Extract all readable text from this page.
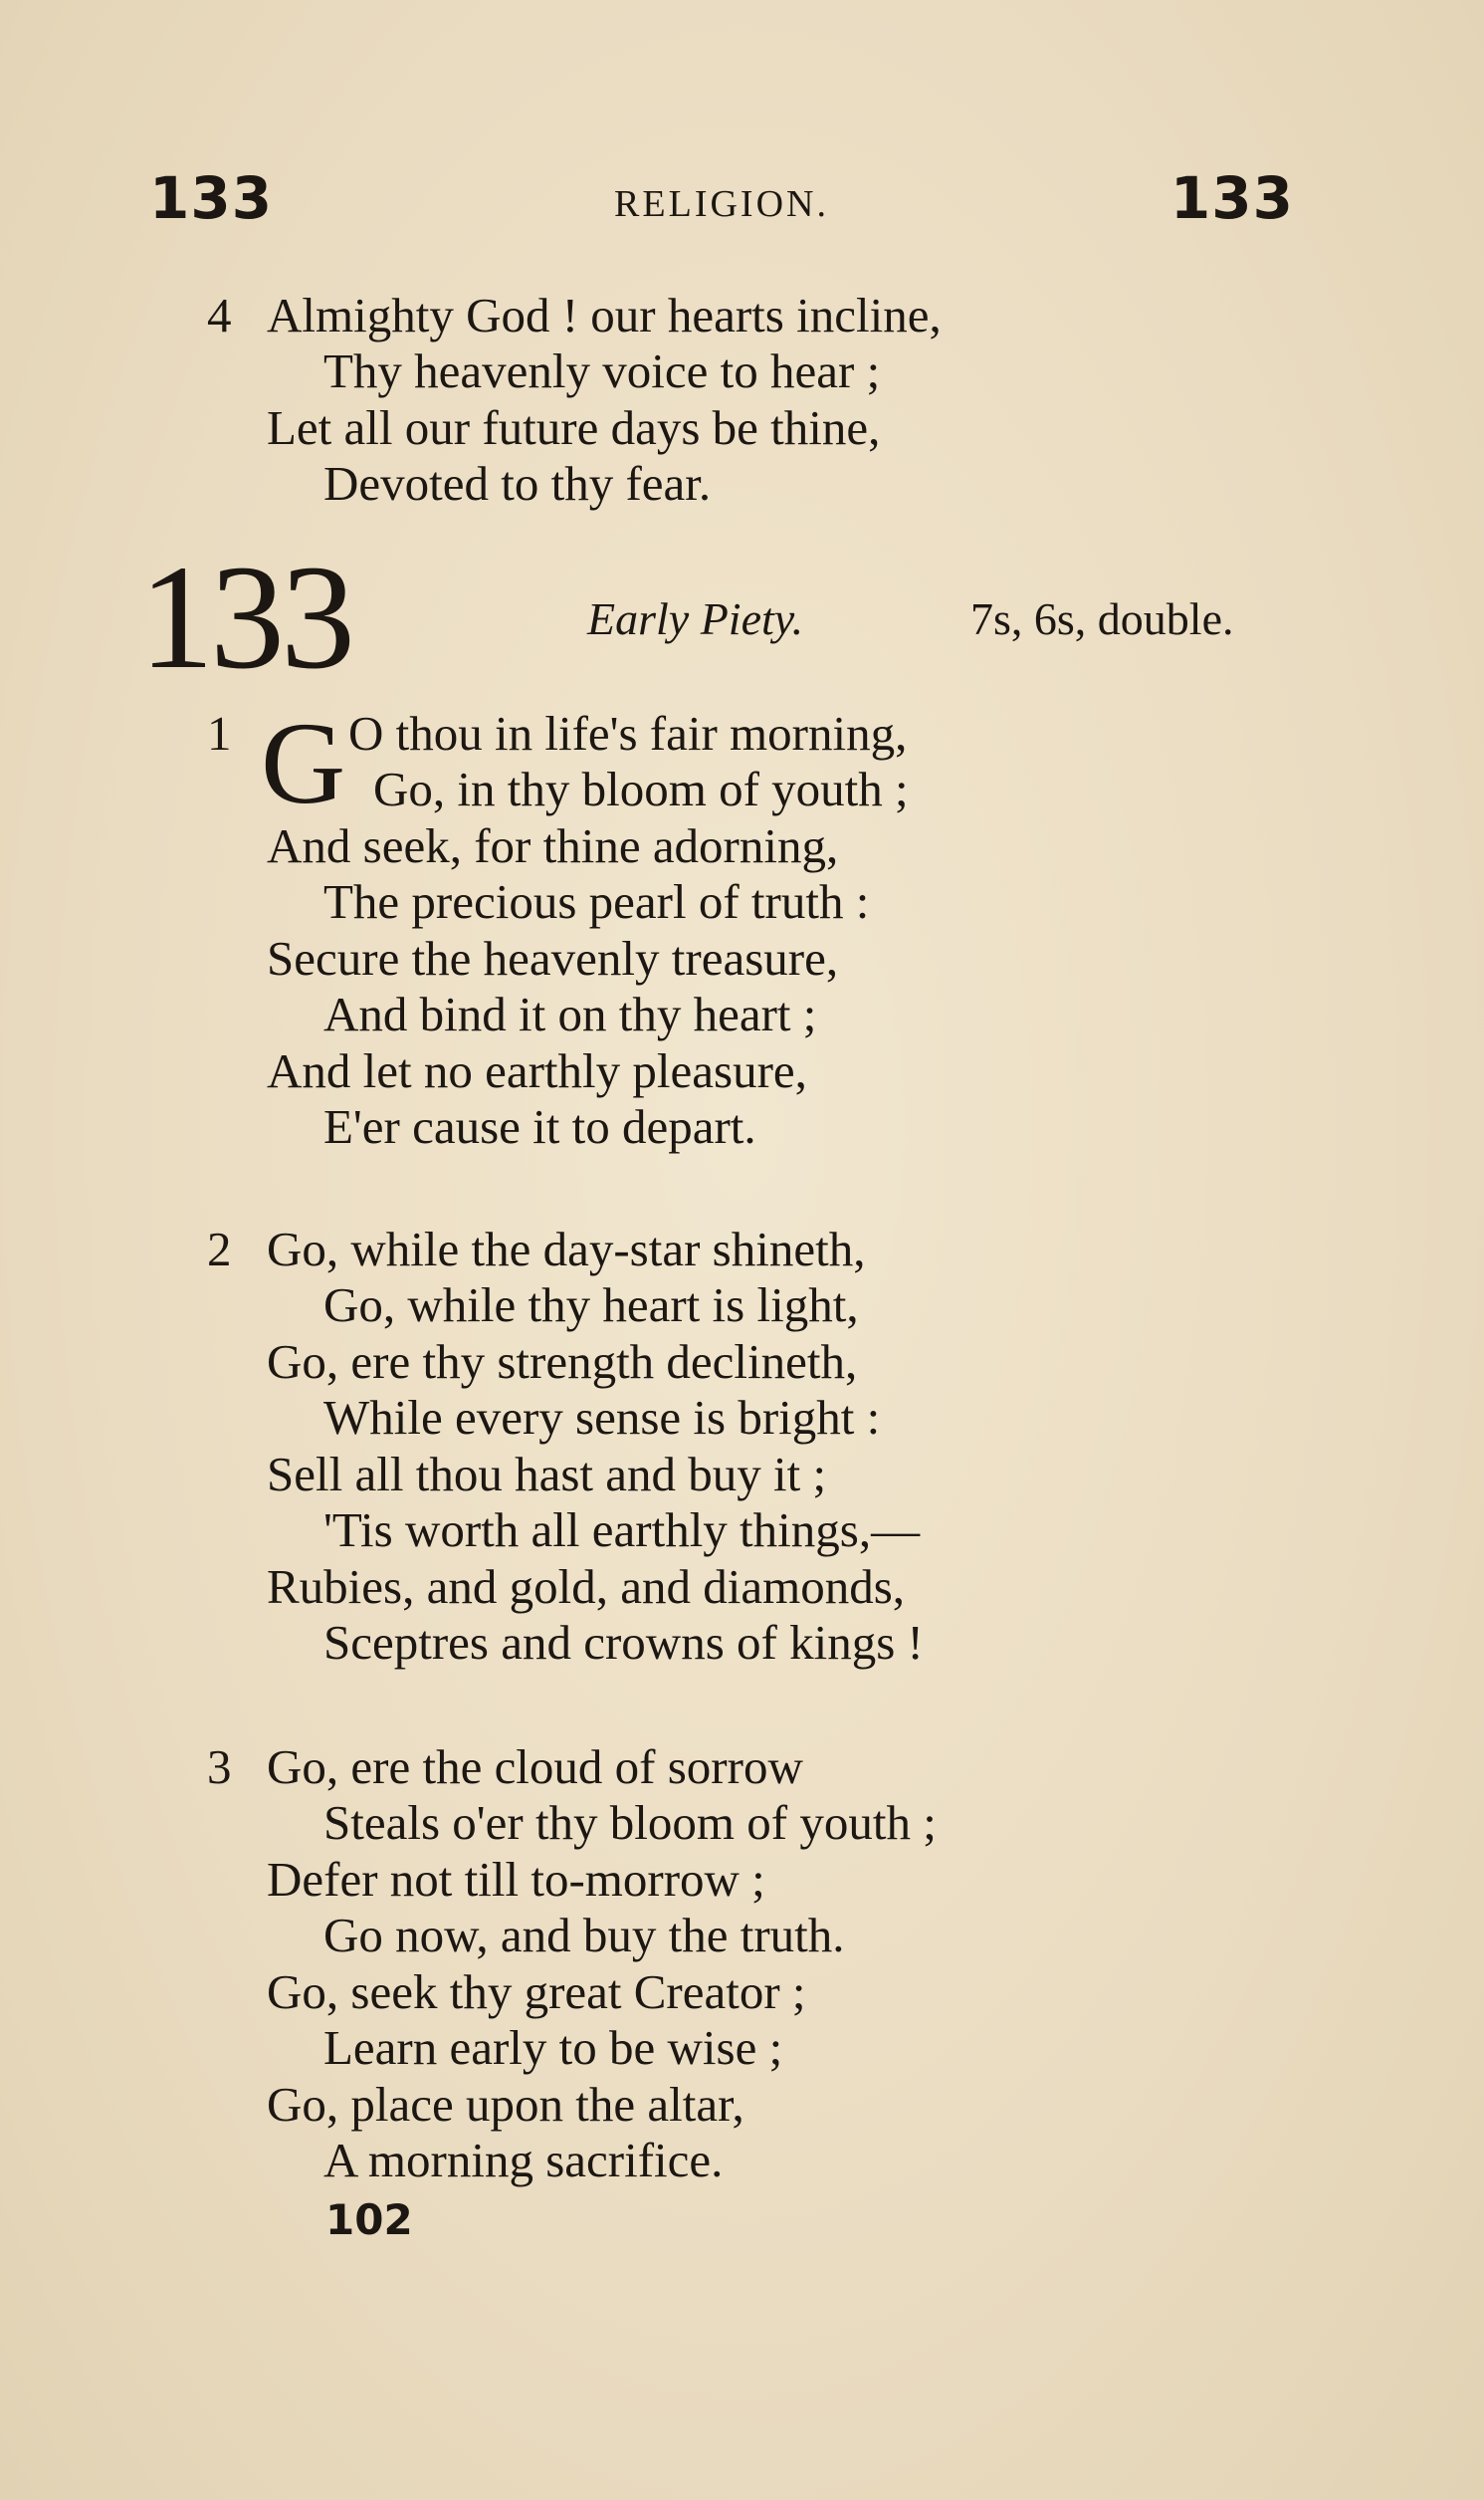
133	RELIGION.	133
4 Almighty God ! our hearts incline,
Thy heavenly voice to hear ;
Let all our future days be thine,
Devoted to thy fear.
133	Early Piety.	7s, 6s, double.
1 G O thou in life's fair morning,
Go, in thy bloom of youth ;
And seek, for thine adorning,
The precious pearl of truth :
Secure the heavenly treasure,
And bind it on thy heart ;
And let no earthly pleasure,
E'er cause it to depart.
2 Go, while the day-star shineth,
Go, while thy heart is light,
Go, ere thy strength declineth,
While every sense is bright :
Sell all thou hast and buy it ;
'Tis worth all earthly things,—
Rubies, and gold, and diamonds,
Sceptres and crowns of kings !
3 Go, ere the cloud of sorrow
Steals o'er thy bloom of youth ;
Defer not till to-morrow ;
Go now, and buy the truth.
Go, seek thy great Creator ;
Learn early to be wise ;
Go, place upon the altar,
A morning sacrifice.
102
